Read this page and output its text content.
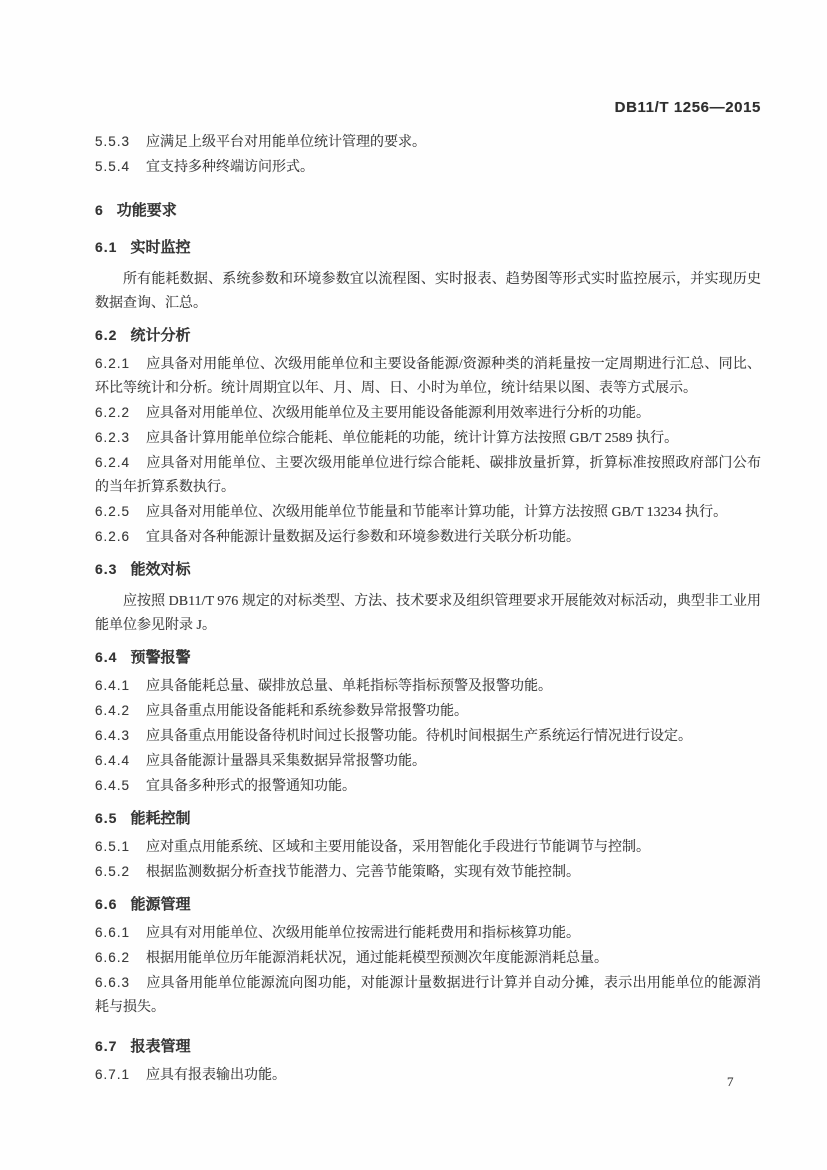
DB11/T 1256—2015

5.5.3 应满足上级平台对用能单位统计管理的要求。

5.5.4 宜支持多种终端访问形式。

6 功能要求
6.1 实时监控

所有能耗数据、系统参数和环境参数宜以流程图、实时报表、趋势图等形式实时监控展示，并实现历史数据查询、汇总。

6.2 统计分析

6.2.1 应具备对用能单位、次级用能单位和主要设备能源/资源种类的消耗量按一定周期进行汇总、同比、环比等统计和分析。统计周期宜以年、月、周、日、小时为单位，统计结果以图、表等方式展示。

6.2.2 应具备对用能单位、次级用能单位及主要用能设备能源利用效率进行分析的功能。

6.2.3 应具备计算用能单位综合能耗、单位能耗的功能，统计计算方法按照 GB/T 2589 执行。

6.2.4 应具备对用能单位、主要次级用能单位进行综合能耗、碳排放量折算，折算标准按照政府部门公布的当年折算系数执行。

6.2.5 应具备对用能单位、次级用能单位节能量和节能率计算功能，计算方法按照 GB/T 13234 执行。

6.2.6 宜具备对各种能源计量数据及运行参数和环境参数进行关联分析功能。

6.3 能效对标

应按照 DB11/T 976 规定的对标类型、方法、技术要求及组织管理要求开展能效对标活动，典型非工业用能单位参见附录 J。

6.4 预警报警

6.4.1 应具备能耗总量、碳排放总量、单耗指标等指标预警及报警功能。

6.4.2 应具备重点用能设备能耗和系统参数异常报警功能。

6.4.3 应具备重点用能设备待机时间过长报警功能。待机时间根据生产系统运行情况进行设定。

6.4.4 应具备能源计量器具采集数据异常报警功能。

6.4.5 宜具备多种形式的报警通知功能。

6.5 能耗控制

6.5.1 应对重点用能系统、区域和主要用能设备，采用智能化手段进行节能调节与控制。

6.5.2 根据监测数据分析查找节能潜力、完善节能策略，实现有效节能控制。

6.6 能源管理

6.6.1 应具有对用能单位、次级用能单位按需进行能耗费用和指标核算功能。

6.6.2 根据用能单位历年能源消耗状况，通过能耗模型预测次年度能源消耗总量。

6.6.3 应具备用能单位能源流向图功能，对能源计量数据进行计算并自动分摊，表示出用能单位的能源消耗与损失。

6.7 报表管理

6.7.1 应具有报表输出功能。	7
